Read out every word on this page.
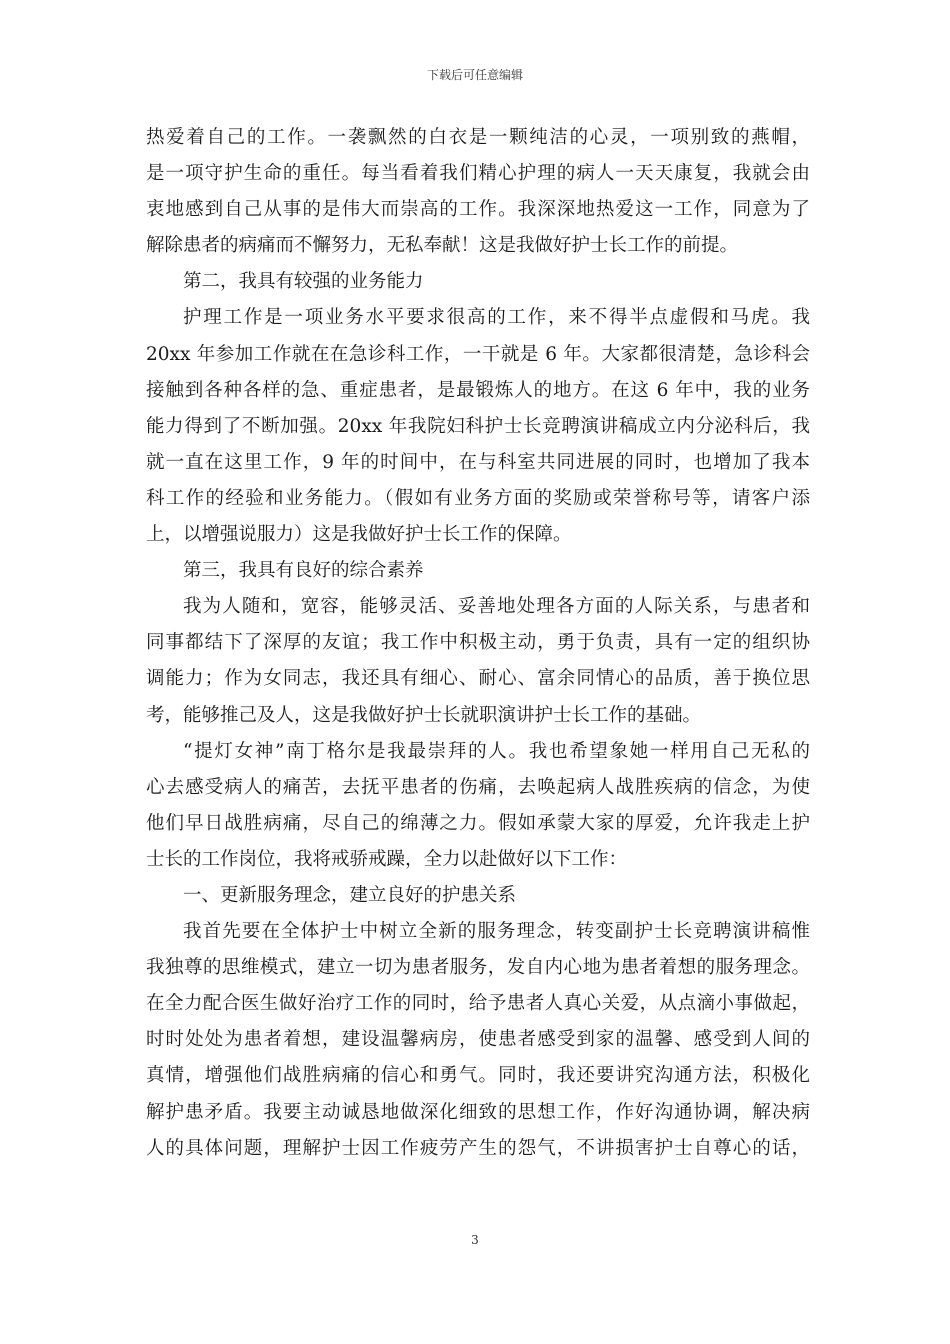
下载后可任意编辑
热爱着自己的工作。一袭飘然的白衣是一颗纯洁的心灵，一项别致的燕帽，
是一项守护生命的重任。每当看着我们精心护理的病人一天天康复，我就会由
衷地感到自己从事的是伟大而崇高的工作。我深深地热爱这一工作，同意为了
解除患者的病痛而不懈努力，无私奉献！这是我做好护士长工作的前提。
第二，我具有较强的业务能力
护理工作是一项业务水平要求很高的工作，来不得半点虚假和马虎。我
20xx 年参加工作就在在急诊科工作，一干就是 6 年。大家都很清楚，急诊科会
接触到各种各样的急、重症患者，是最锻炼人的地方。在这 6 年中，我的业务
能力得到了不断加强。20xx 年我院妇科护士长竞聘演讲稿成立内分泌科后，我
就一直在这里工作，9 年的时间中，在与科室共同进展的同时，也增加了我本
科工作的经验和业务能力。（假如有业务方面的奖励或荣誉称号等，请客户添
上，以增强说服力）这是我做好护士长工作的保障。
第三，我具有良好的综合素养
我为人随和，宽容，能够灵活、妥善地处理各方面的人际关系，与患者和
同事都结下了深厚的友谊；我工作中积极主动，勇于负责，具有一定的组织协
调能力；作为女同志，我还具有细心、耐心、富余同情心的品质，善于换位思
考，能够推己及人，这是我做好护士长就职演讲护士长工作的基础。
“提灯女神”南丁格尔是我最崇拜的人。我也希望象她一样用自己无私的
心去感受病人的痛苦，去抚平患者的伤痛，去唤起病人战胜疾病的信念，为使
他们早日战胜病痛，尽自己的绵薄之力。假如承蒙大家的厚爱，允许我走上护
士长的工作岗位，我将戒骄戒躁，全力以赴做好以下工作：
一、更新服务理念，建立良好的护患关系
我首先要在全体护士中树立全新的服务理念，转变副护士长竞聘演讲稿惟
我独尊的思维模式，建立一切为患者服务，发自内心地为患者着想的服务理念。
在全力配合医生做好治疗工作的同时，给予患者人真心关爱，从点滴小事做起，
时时处处为患者着想，建设温馨病房，使患者感受到家的温馨、感受到人间的
真情，增强他们战胜病痛的信心和勇气。同时，我还要讲究沟通方法，积极化
解护患矛盾。我要主动诚恳地做深化细致的思想工作，作好沟通协调，解决病
人的具体问题，理解护士因工作疲劳产生的怨气，不讲损害护士自尊心的话，
3
